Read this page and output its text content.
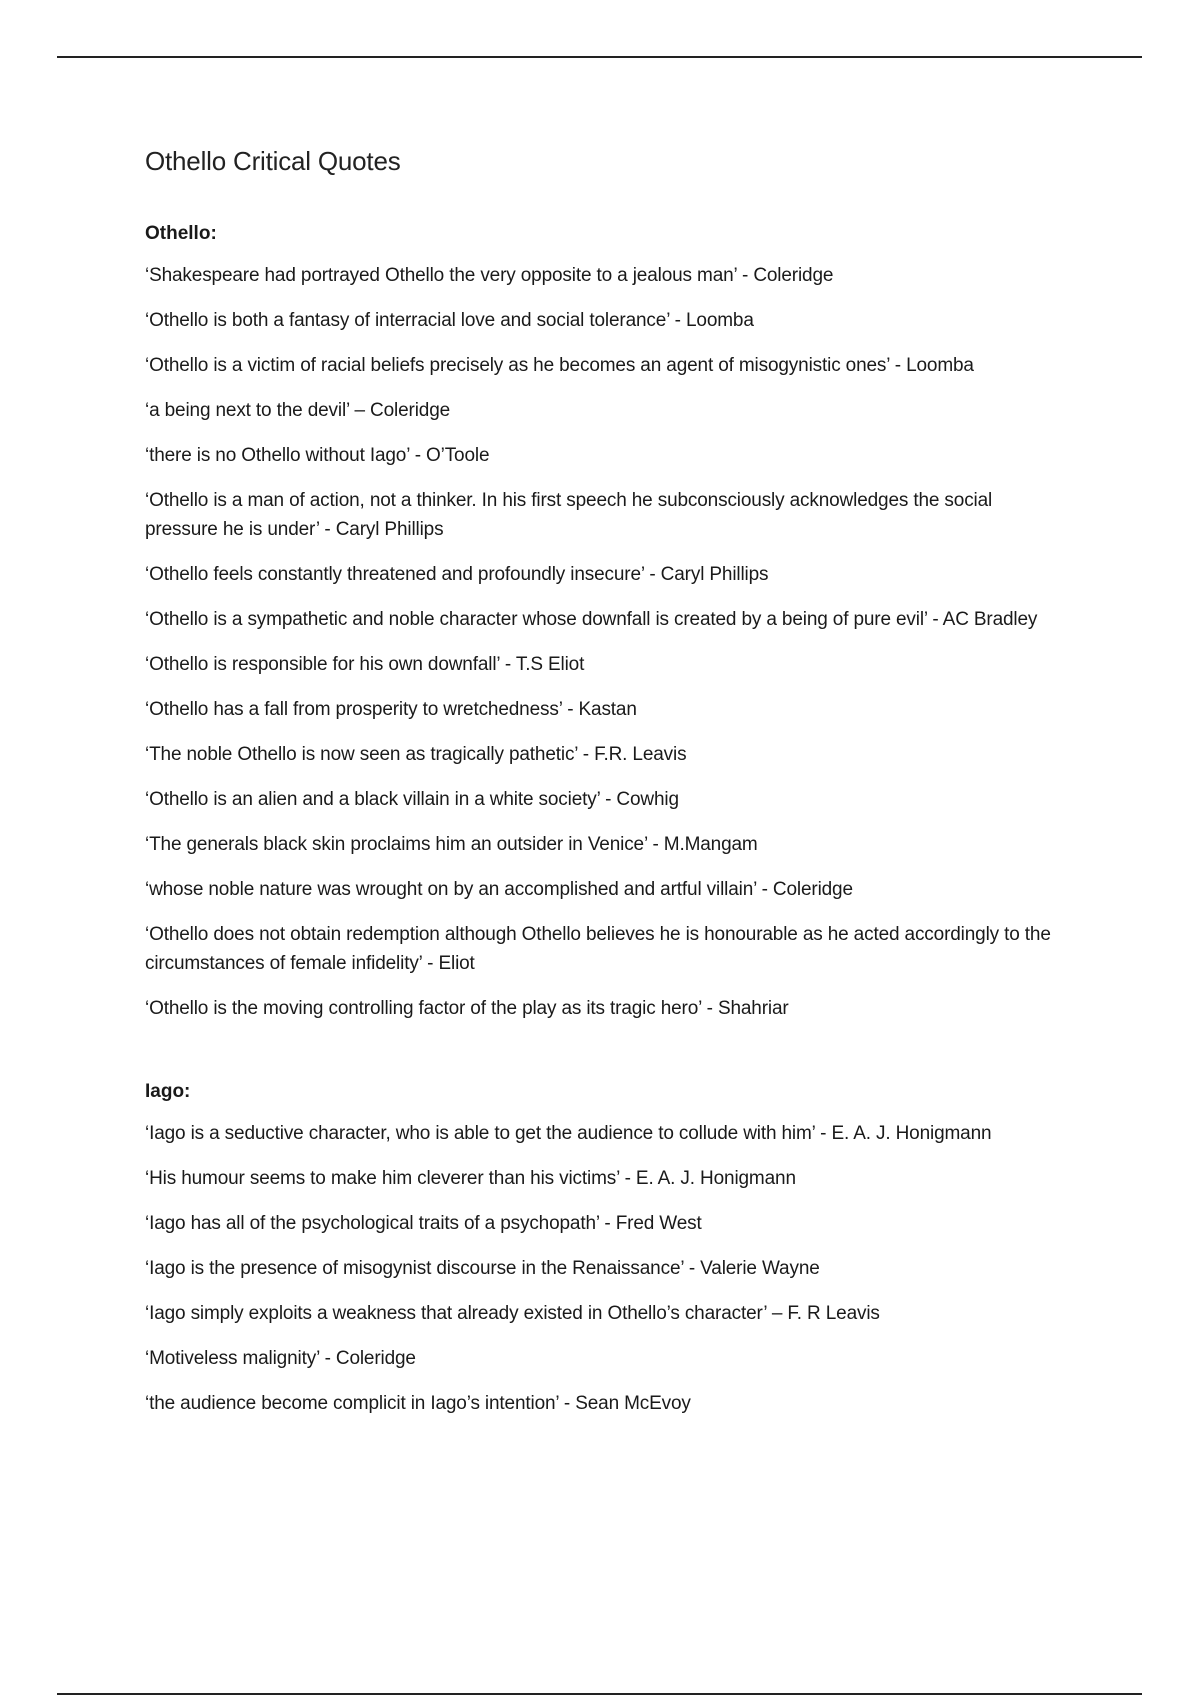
Othello Critical Quotes
Othello:
‘Shakespeare had portrayed Othello the very opposite to a jealous man’ - Coleridge
‘Othello is both a fantasy of interracial love and social tolerance’ - Loomba
‘Othello is a victim of racial beliefs precisely as he becomes an agent of misogynistic ones’ - Loomba
‘a being next to the devil’ – Coleridge
‘there is no Othello without Iago’ - O’Toole
‘Othello is a man of action, not a thinker. In his first speech he subconsciously acknowledges the social pressure he is under’ - Caryl Phillips
‘Othello feels constantly threatened and profoundly insecure’ - Caryl Phillips
‘Othello is a sympathetic and noble character whose downfall is created by a being of pure evil’ - AC Bradley
‘Othello is responsible for his own downfall’ - T.S Eliot
‘Othello has a fall from prosperity to wretchedness’ - Kastan
‘The noble Othello is now seen as tragically pathetic’ - F.R. Leavis
‘Othello is an alien and a black villain in a white society’ - Cowhig
‘The generals black skin proclaims him an outsider in Venice’ - M.Mangam
‘whose noble nature was wrought on by an accomplished and artful villain’ - Coleridge
‘Othello does not obtain redemption although Othello believes he is honourable as he acted accordingly to the circumstances of female infidelity’ - Eliot
‘Othello is the moving controlling factor of the play as its tragic hero’ - Shahriar
Iago:
‘Iago is a seductive character, who is able to get the audience to collude with him’ - E. A. J. Honigmann
‘His humour seems to make him cleverer than his victims’ - E. A. J. Honigmann
‘Iago has all of the psychological traits of a psychopath’ - Fred West
‘Iago is the presence of misogynist discourse in the Renaissance’ - Valerie Wayne
‘Iago simply exploits a weakness that already existed in Othello’s character’ – F. R Leavis
‘Motiveless malignity’ - Coleridge
‘the audience become complicit in Iago’s intention’ - Sean McEvoy
